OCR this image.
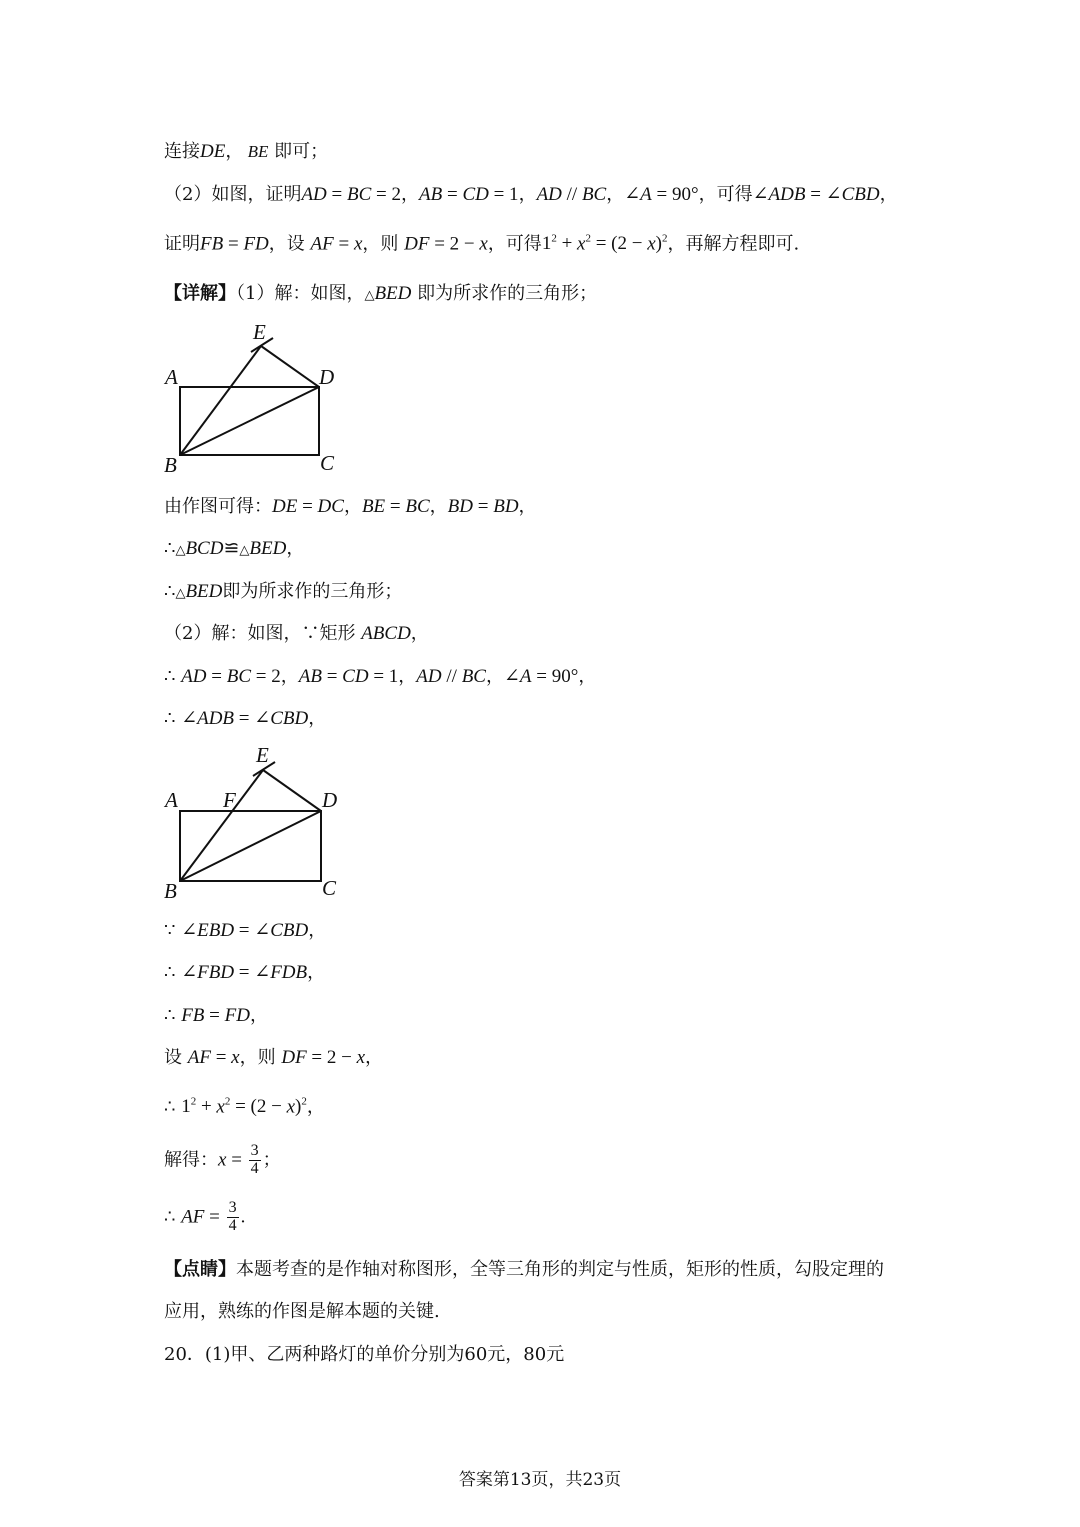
连接DE， BE 即可；
（2）如图，证明AD = BC = 2，AB = CD = 1，AD // BC，∠A = 90°，可得∠ADB = ∠CBD，
证明FB = FD，设 AF = x，则 DF = 2 − x，可得$1^2 + x^2 = (2 - x)^2$，再解方程即可.
【详解】（1）解：如图，△BED 即为所求作的三角形；
A
E
D
B	C
由作图可得：DE = DC，BE = BC，BD = BD，
∴△BCD≌△BED，
∴△BED即为所求作的三角形；
（2）解：如图，∵矩形 ABCD，
∴ AD = BC = 2，AB = CD = 1，AD // BC，∠A = 90°，
∴ ∠ADB = ∠CBD，
A F
E
D
B	C
∵ ∠EBD = ∠CBD，
∴ ∠FBD = ∠FDB，
∴ FB = FD，
设 AF = x，则 DF = 2 − x，
∴ $1^2 + x^2 = (2 - x)^2$，
解得：$x = \frac{3}{4}$ ；
∴ AF = $\frac{3}{4}$ .
【点睛】本题考查的是作轴对称图形，全等三角形的判定与性质，矩形的性质，勾股定理的
应用，熟练的作图是解本题的关键.
20．(1)甲、乙两种路灯的单价分别为60元，80元
答案第13页，共23页
